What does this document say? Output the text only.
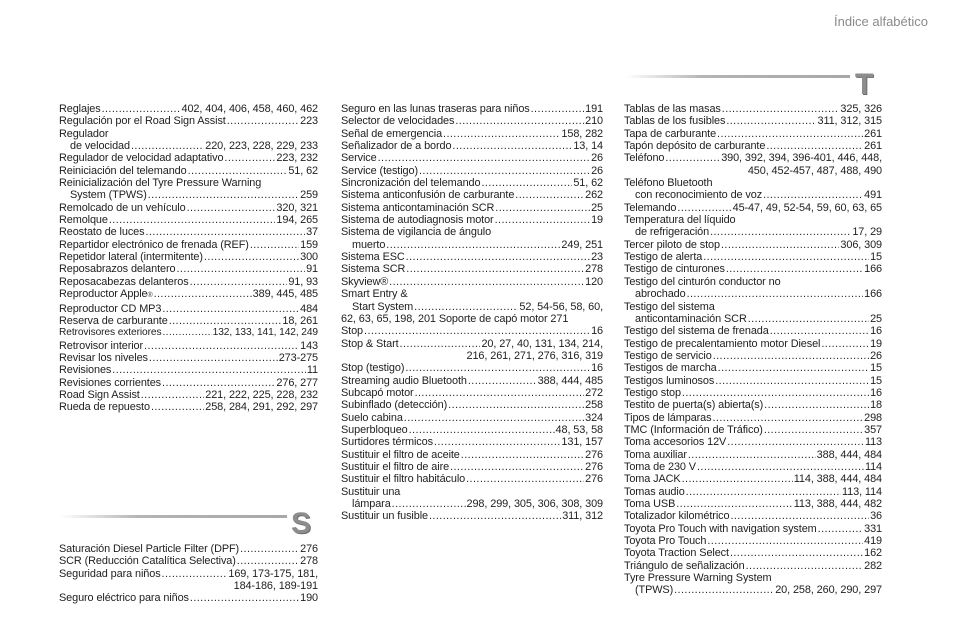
Índice alfabético
T
S
Reglajes .....	402, 404, 406, 458, 460, 462
Regulación por el Road Sign Assist .....	223
Regulador
de velocidad .....	220, 223, 228, 229, 233
Regulador de velocidad adaptativo .....	223, 232
Reiniciación del telemando .....	51, 62
Reinicialización del Tyre Pressure Warning
System (TPWS) .....	259
Remolcado de un vehículo .....	320, 321
Remolque .....	194, 265
Reostato de luces .....	37
Repartidor electrónico de frenada (REF) .....	159
Repetidor lateral (intermitente) .....	300
Reposabrazos delantero .....	91
Reposacabezas delanteros .....	91, 93
Reproductor Apple ® .....	389, 445, 485
Reproductor CD MP3 .....	484
Reserva de carburante .....	18, 261
Retrovisores exteriores .....	132, 133, 141, 142, 249
Retrovisor interior .....	143
Revisar los niveles .....	273-275
Revisiones .....	11
Revisiones corrientes .....	276, 277
Road Sign Assist .....	221, 222, 225, 228, 232
Rueda de repuesto .....	258, 284, 291, 292, 297
Saturación Diesel Particle Filter (DPF) .....	276
SCR (Reducción Catalítica Selectiva) .....	278
Seguridad para niños .....	169, 173-175, 181,
184-186, 189-191
Seguro eléctrico para niños .....	190
Seguro en las lunas traseras para niños .....	191
Selector de velocidades .....	210
Señal de emergencia .....	158, 282
Señalizador de a bordo .....	13, 14
Service .....	26
Service (testigo) .....	26
Sincronización del telemando .....	51, 62
Sistema anticonfusión de carburante .....	262
Sistema anticontaminación SCR .....	25
Sistema de autodiagnosis motor .....	19
Sistema de vigilancia de ángulo
muerto .....	249, 251
Sistema ESC .....	23
Sistema SCR .....	278
Skyview® .....	120
Smart Entry &
Start System .....	52, 54-56, 58, 60,
62, 63, 65, 198, 201 Soporte de capó motor 271
Stop .....	16
Stop & Start .....	20, 27, 40, 131, 134, 214,
216, 261, 271, 276, 316, 319
Stop (testigo) .....	16
Streaming audio Bluetooth .....	388, 444, 485
Subcapó motor .....	272
Subinflado (detección) .....	258
Suelo cabina .....	324
Superbloqueo .....	48, 53, 58
Surtidores térmicos .....	131, 157
Sustituir el filtro de aceite .....	276
Sustituir el filtro de aire .....	276
Sustituir el filtro habitáculo .....	276
Sustituir una
lámpara .....	298, 299, 305, 306, 308, 309
Sustituir un fusible .....	311, 312
Tablas de las masas .....	325, 326
Tablas de los fusibles .....	311, 312, 315
Tapa de carburante .....	261
Tapón depósito de carburante .....	261
Teléfono .....	390, 392, 394, 396-401, 446, 448,
450, 452-457, 487, 488, 490
Teléfono Bluetooth
con reconocimiento de voz .....	491
Telemando .....	45-47, 49, 52-54, 59, 60, 63, 65
Temperatura del líquido
de refrigeración .....	17, 29
Tercer piloto de stop .....	306, 309
Testigo de alerta .....	15
Testigo de cinturones .....	166
Testigo del cinturón conductor no
abrochado .....	166
Testigo del sistema
anticontaminación SCR .....	25
Testigo del sistema de frenada .....	16
Testigo de precalentamiento motor Diesel .....	19
Testigo de servicio .....	26
Testigos de marcha .....	15
Testigos luminosos .....	15
Testigo stop .....	16
Testito de puerta(s) abierta(s) .....	18
Tipos de lámparas .....	298
TMC (Información de Tráfico) .....	357
Toma accesorios 12V .....	113
Toma auxiliar .....	388, 444, 484
Toma de 230 V .....	114
Toma JACK .....	114, 388, 444, 484
Tomas audio .....	113, 114
Toma USB .....	113, 388, 444, 482
Totalizador kilométrico .....	36
Toyota Pro Touch with navigation system .....	331
Toyota Pro Touch .....	419
Toyota Traction Select .....	162
Triángulo de señalización .....	282
Tyre Pressure Warning System
(TPWS) .....	20, 258, 260, 290, 297
